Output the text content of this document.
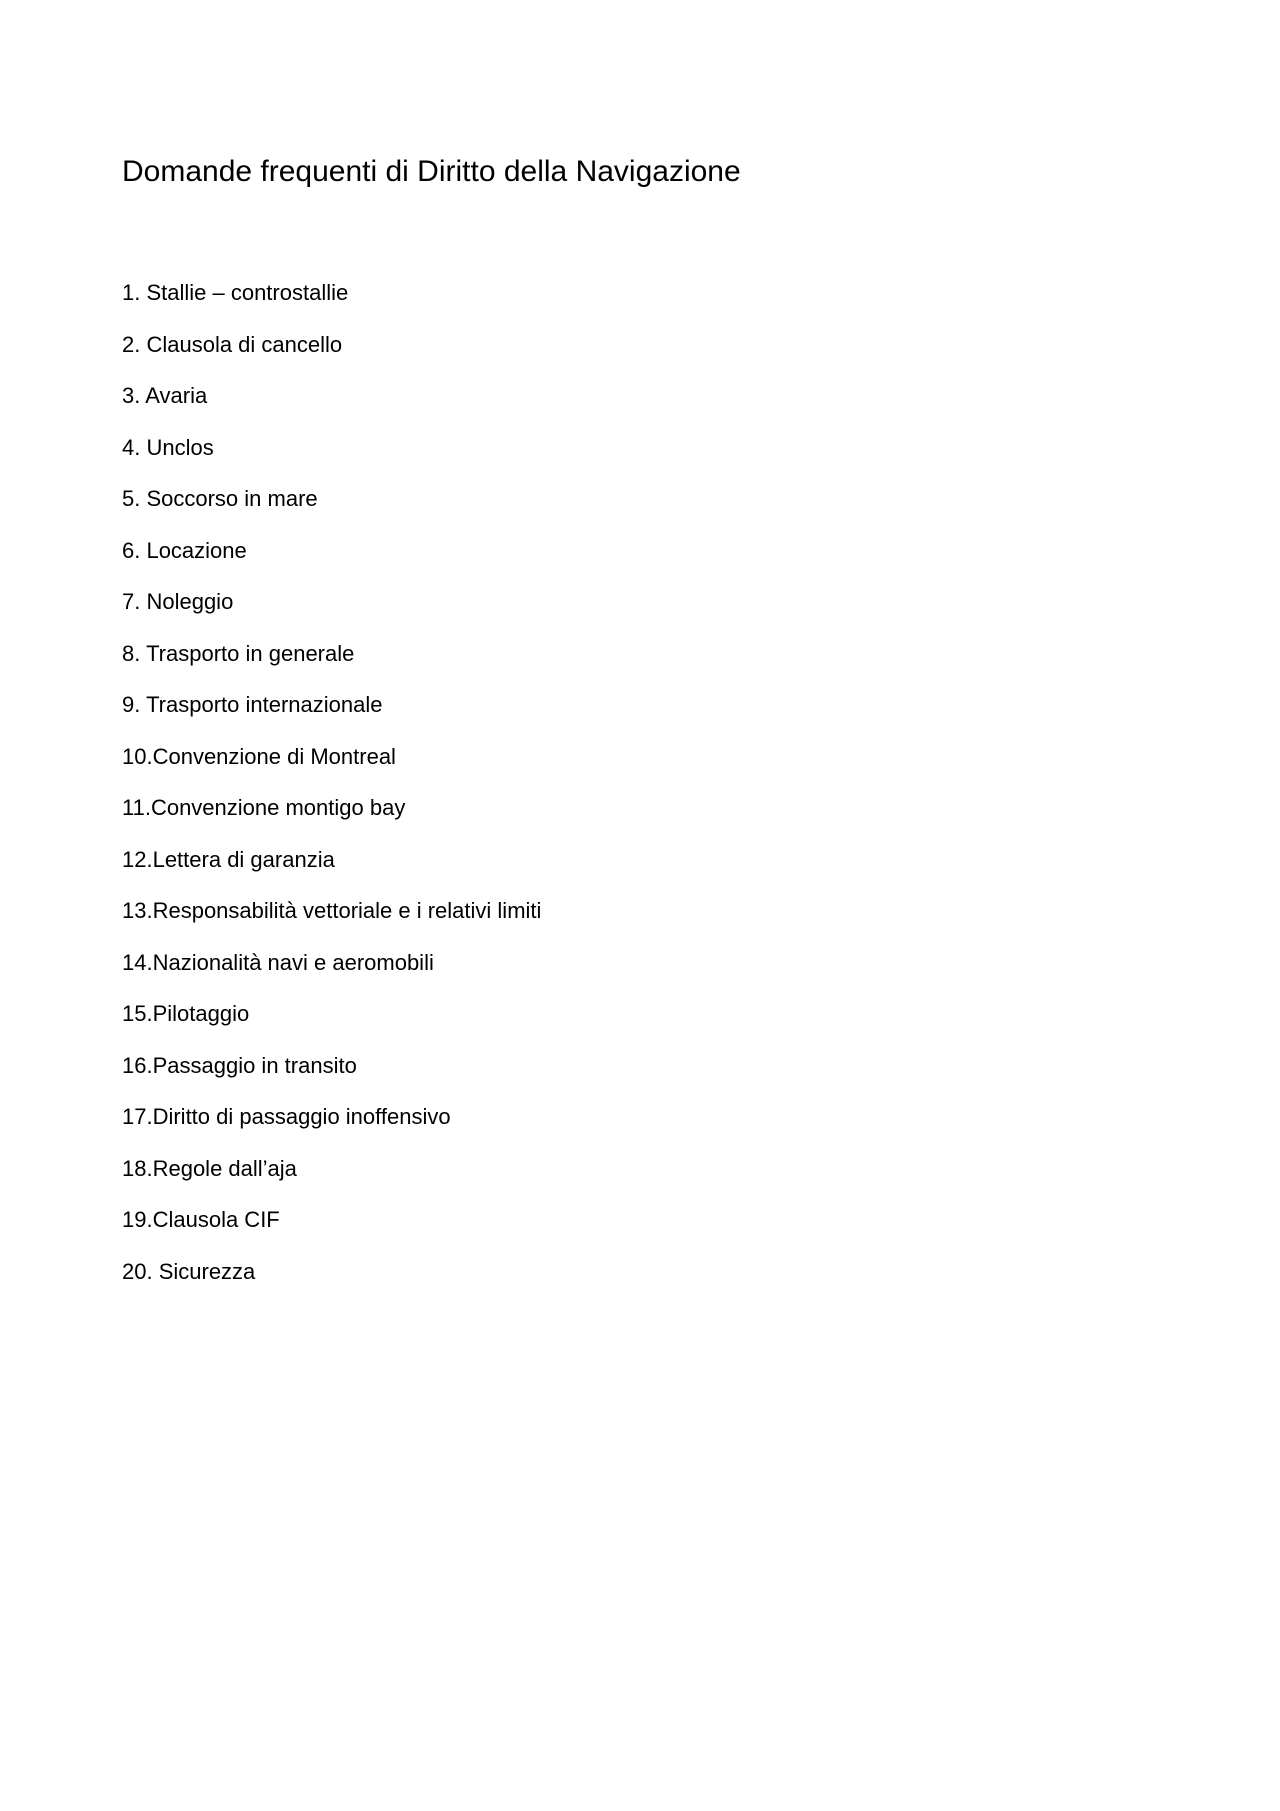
Domande frequenti di Diritto della Navigazione
1. Stallie – controstallie
2. Clausola di cancello
3. Avaria
4. Unclos
5. Soccorso in mare
6. Locazione
7. Noleggio
8. Trasporto in generale
9. Trasporto internazionale
10.Convenzione di Montreal
11.Convenzione montigo bay
12.Lettera di garanzia
13.Responsabilità vettoriale e i relativi limiti
14.Nazionalità navi e aeromobili
15.Pilotaggio
16.Passaggio in transito
17.Diritto di passaggio inoffensivo
18.Regole dall’aja
19.Clausola CIF
20. Sicurezza
